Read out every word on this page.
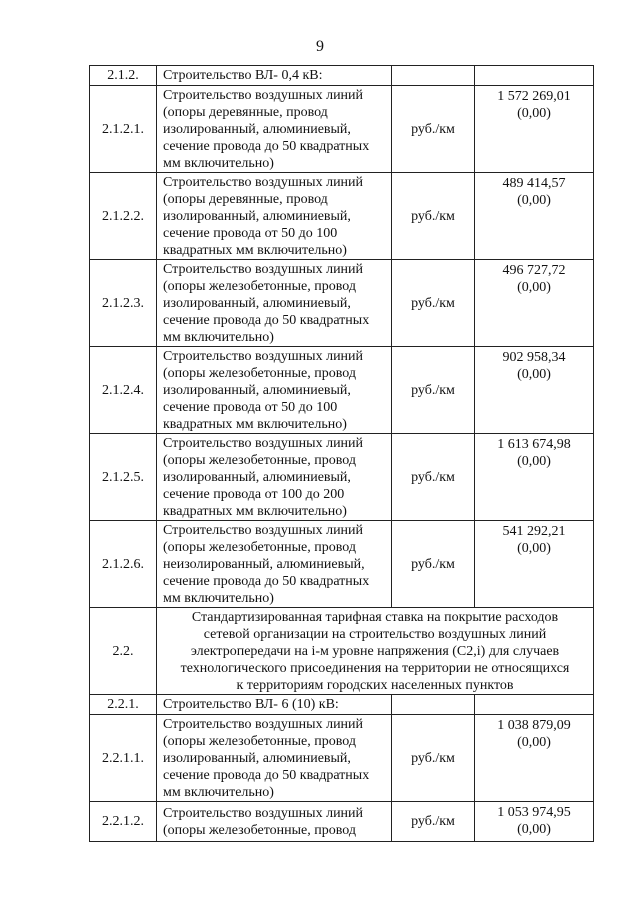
9
2.1.2.	Строительство ВЛ- 0,4 кВ:		
2.1.2.1.	Строительство воздушных линий
(опоры деревянные, провод
изолированный, алюминиевый,
сечение провода до 50 квадратных
мм включительно)	руб./км	1 572 269,01
(0,00)

2.1.2.2.	Строительство воздушных линий
(опоры деревянные, провод
изолированный, алюминиевый,
сечение провода от 50 до 100
квадратных мм включительно)	руб./км	489 414,57
(0,00)

2.1.2.3.	Строительство воздушных линий
(опоры железобетонные, провод
изолированный, алюминиевый,
сечение провода до 50 квадратных
мм включительно)	руб./км	496 727,72
(0,00)

2.1.2.4.	Строительство воздушных линий
(опоры железобетонные, провод
изолированный, алюминиевый,
сечение провода от 50 до 100
квадратных мм включительно)	руб./км	902 958,34
(0,00)

2.1.2.5.	Строительство воздушных линий
(опоры железобетонные, провод
изолированный, алюминиевый,
сечение провода от 100 до 200
квадратных мм включительно)	руб./км	1 613 674,98
(0,00)

2.1.2.6.	Строительство воздушных линий
(опоры железобетонные, провод
неизолированный, алюминиевый,
сечение провода до 50 квадратных
мм включительно)	руб./км	541 292,21
(0,00)

2.2.	Стандартизированная тарифная ставка на покрытие расходов
сетевой организации на строительство воздушных линий
электропередачи на i-м уровне напряжения (С2,i) для случаев
технологического присоединения на территории не относящихся
к территориям городских населенных пунктов		

2.2.1.	Строительство ВЛ- 6 (10) кВ:		
2.2.1.1.	Строительство воздушных линий
(опоры железобетонные, провод
изолированный, алюминиевый,
сечение провода до 50 квадратных
мм включительно)	руб./км	1 038 879,09
(0,00)

2.2.1.2.	Строительство воздушных линий
(опоры железобетонные, провод	руб./км	1 053 974,95
(0,00)
